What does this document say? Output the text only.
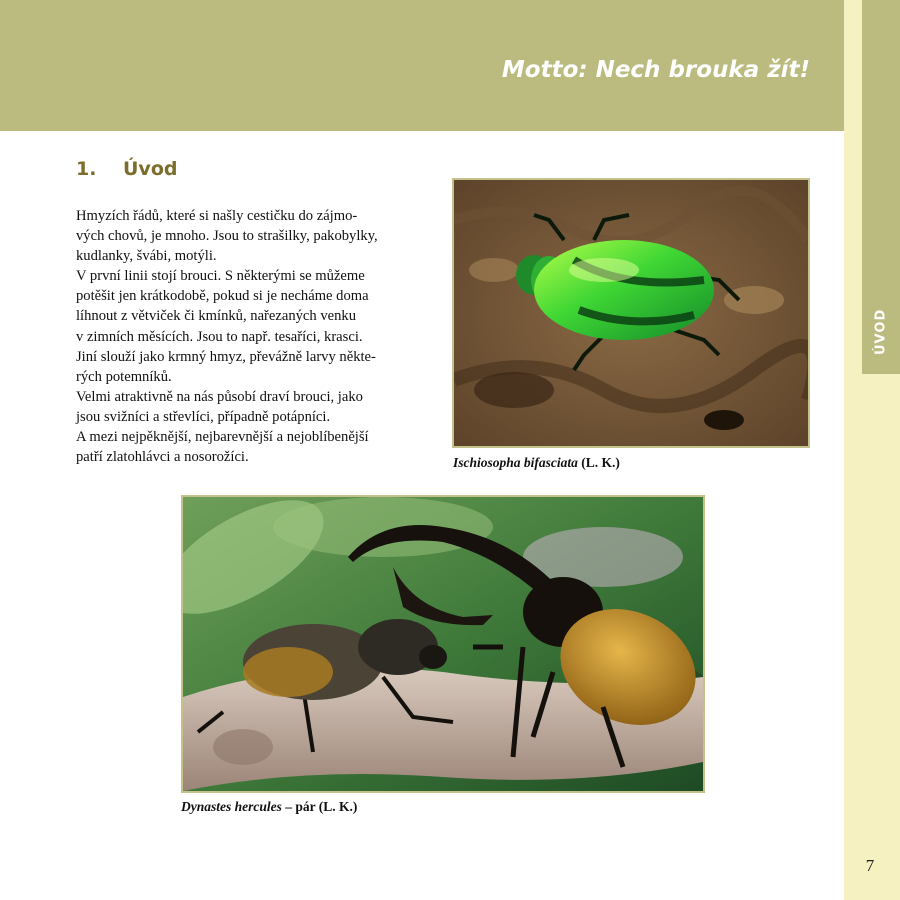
Motto: Nech brouka žít!
ÚVOD
1. Úvod

Hmyzích řádů, které si našly cestičku do zájmo-

vých chovů, je mnoho. Jsou to strašilky, pakobylky,

kudlanky, švábi, motýli.

V první linii stojí brouci. S některými se můžeme

potěšit jen krátkodobě, pokud si je necháme doma

líhnout z větviček či kmínků, nařezaných venku

v zimních měsících. Jsou to např. tesaříci, krasci.

Jiní slouží jako krmný hmyz, převážně larvy někte-

rých potemníků.

Velmi atraktivně na nás působí draví brouci, jako

jsou svižníci a střevlíci, případně potápníci.

A mezi nejpěknější, nejbarevnější a nejoblíbenější

patří zlatohlávci a nosorožíci.	Ischiosopha bifasciata (L. K.)
Dynastes hercules – pár (L. K.)
7
